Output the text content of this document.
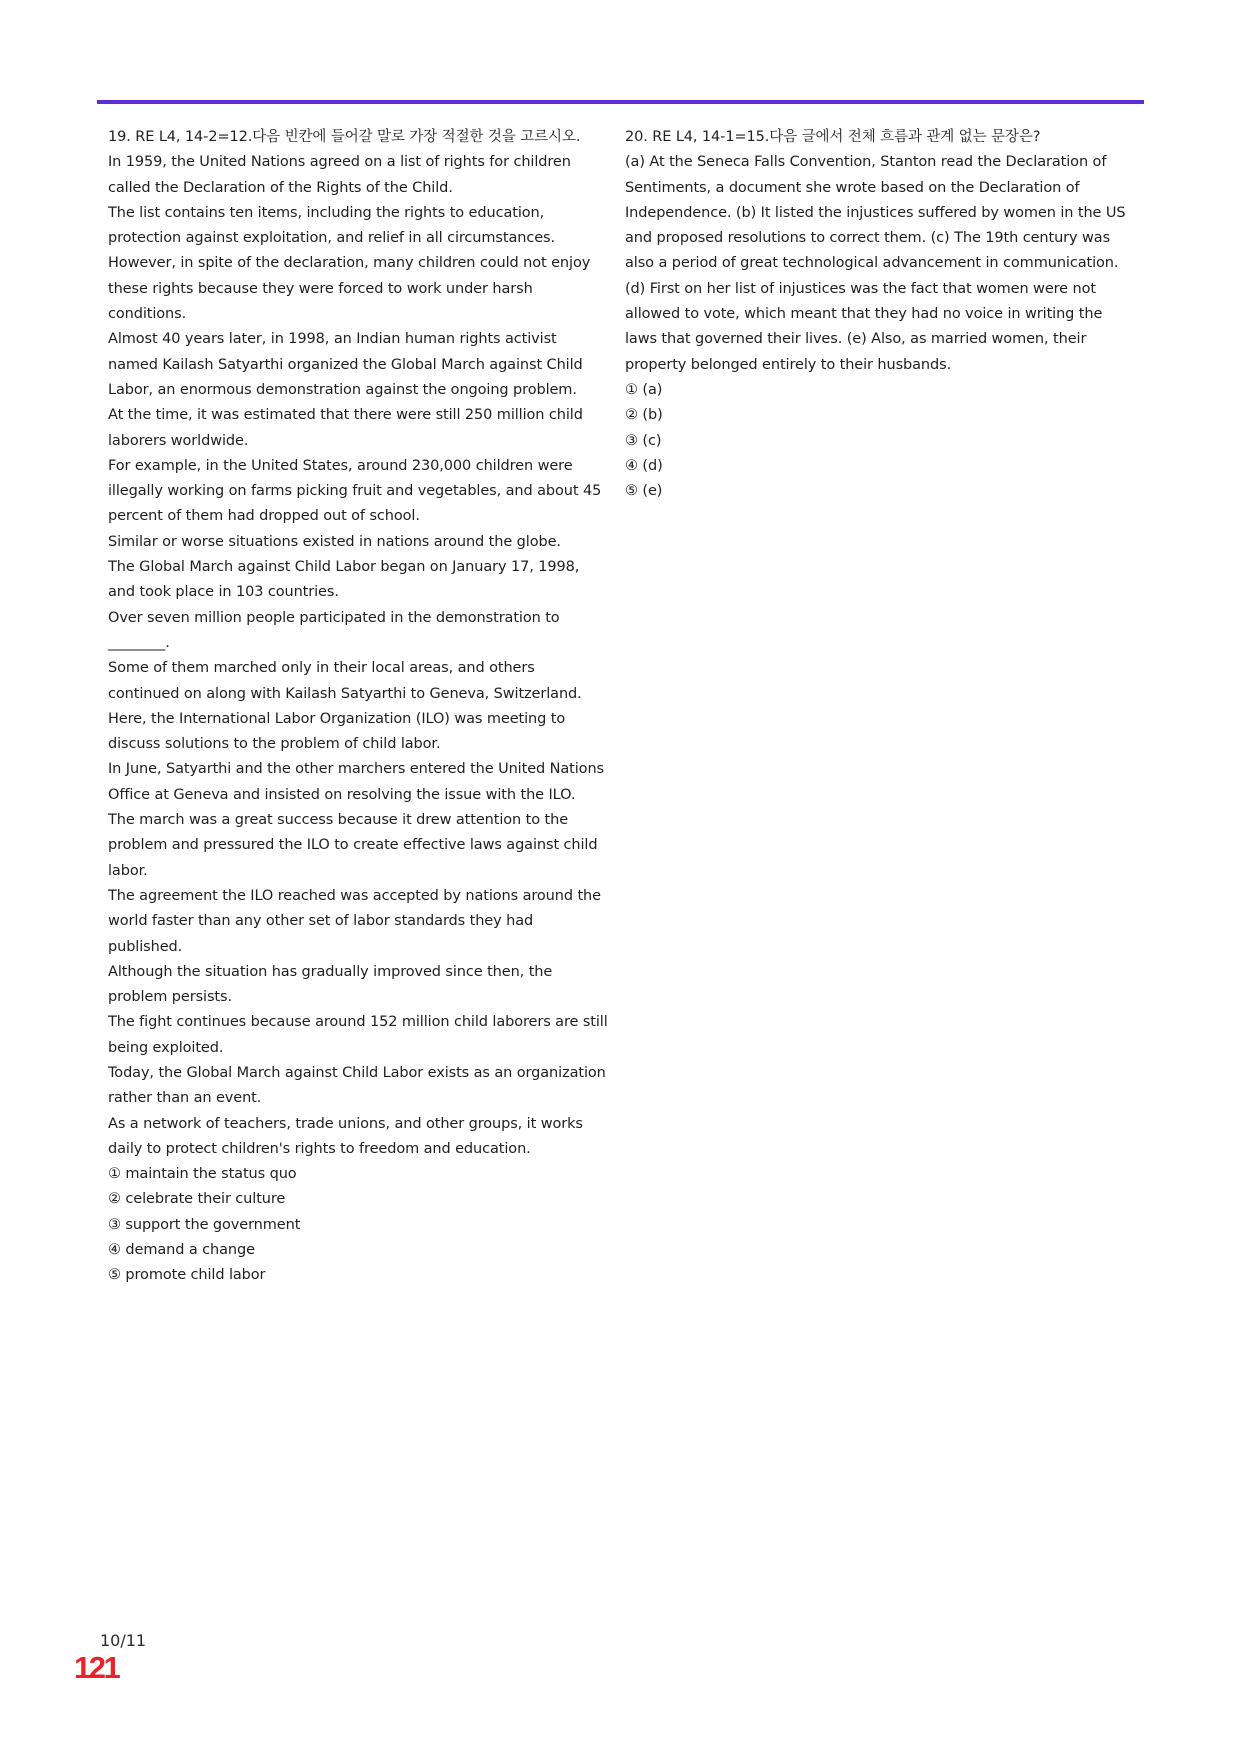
19. RE L4, 14-2=12.다음 빈칸에 들어갈 말로 가장 적절한 것을 고르시오.

In 1959, the United Nations agreed on a list of rights for children called the Declaration of the Rights of the Child.

The list contains ten items, including the rights to education, protection against exploitation, and relief in all circumstances.

However, in spite of the declaration, many children could not enjoy these rights because they were forced to work under harsh conditions.

Almost 40 years later, in 1998, an Indian human rights activist named Kailash Satyarthi organized the Global March against Child Labor, an enormous demonstration against the ongoing problem.

At the time, it was estimated that there were still 250 million child laborers worldwide.

For example, in the United States, around 230,000 children were illegally working on farms picking fruit and vegetables, and about 45 percent of them had dropped out of school.

Similar or worse situations existed in nations around the globe.

The Global March against Child Labor began on January 17, 1998, and took place in 103 countries.

Over seven million people participated in the demonstration to ________.

Some of them marched only in their local areas, and others continued on along with Kailash Satyarthi to Geneva, Switzerland.

Here, the International Labor Organization (ILO) was meeting to discuss solutions to the problem of child labor.

In June, Satyarthi and the other marchers entered the United Nations Office at Geneva and insisted on resolving the issue with the ILO.

The march was a great success because it drew attention to the problem and pressured the ILO to create effective laws against child labor.

The agreement the ILO reached was accepted by nations around the world faster than any other set of labor standards they had published.

Although the situation has gradually improved since then, the problem persists.

The fight continues because around 152 million child laborers are still being exploited.

Today, the Global March against Child Labor exists as an organization rather than an event.

As a network of teachers, trade unions, and other groups, it works daily to protect children's rights to freedom and education.

① maintain the status quo
② celebrate their culture
③ support the government
④ demand a change
⑤ promote child labor

20. RE L4, 14-1=15.다음 글에서 전체 흐름과 관계 없는 문장은?

(a) At the Seneca Falls Convention, Stanton read the Declaration of Sentiments, a document she wrote based on the Declaration of Independence. (b) It listed the injustices suffered by women in the US and proposed resolutions to correct them. (c) The 19th century was also a period of great technological advancement in communication. (d) First on her list of injustices was the fact that women were not allowed to vote, which meant that they had no voice in writing the laws that governed their lives. (e) Also, as married women, their property belonged entirely to their husbands.

① (a)
② (b)
③ (c)
④ (d)
⑤ (e)
10/11
121
